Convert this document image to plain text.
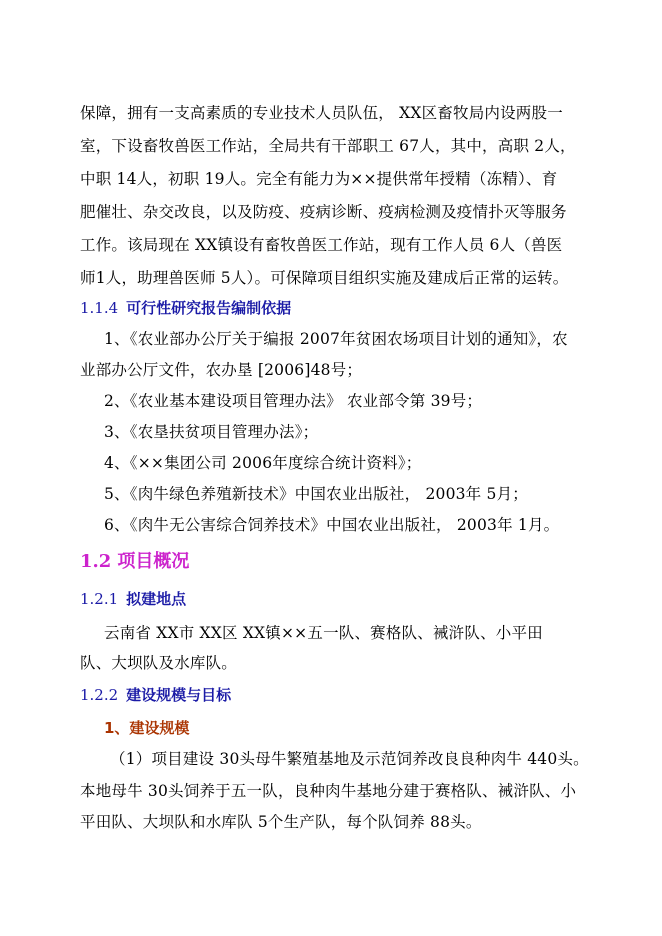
保障，拥有一支高素质的专业技术人员队伍， XX区畜牧局内设两股一
室，下设畜牧兽医工作站，全局共有干部职工 67人，其中，高职 2人，
中职 14人，初职 19人。完全有能力为××提供常年授精（冻精）、育
肥催壮、杂交改良，以及防疫、疫病诊断、疫病检测及疫情扑灭等服务
工作。该局现在 XX镇设有畜牧兽医工作站，现有工作人员 6人（兽医
师1人，助理兽医师 5人）。可保障项目组织实施及建成后正常的运转。
1.1.4 可行性研究报告编制依据
1、《农业部办公厅关于编报 2007年贫困农场项目计划的通知》，农
业部办公厅文件，农办垦 [2006]48号；
2、《农业基本建设项目管理办法》 农业部令第 39号；
3、《农垦扶贫项目管理办法》；
4、《××集团公司 2006年度综合统计资料》；
5、《肉牛绿色养殖新技术》中国农业出版社， 2003年 5月；
6、《肉牛无公害综合饲养技术》中国农业出版社， 2003年 1月。
1.2 项目概况
1.2.1 拟建地点
云南省 XX市 XX区 XX镇××五一队、赛格队、裓浒队、小平田
队、大坝队及水库队。
1.2.2 建设规模与目标
1、建设规模
（1）项目建设 30头母牛繁殖基地及示范饲养改良良种肉牛 440头。
本地母牛 30头饲养于五一队，良种肉牛基地分建于赛格队、裓浒队、小
平田队、大坝队和水库队 5个生产队，每个队饲养 88头。
